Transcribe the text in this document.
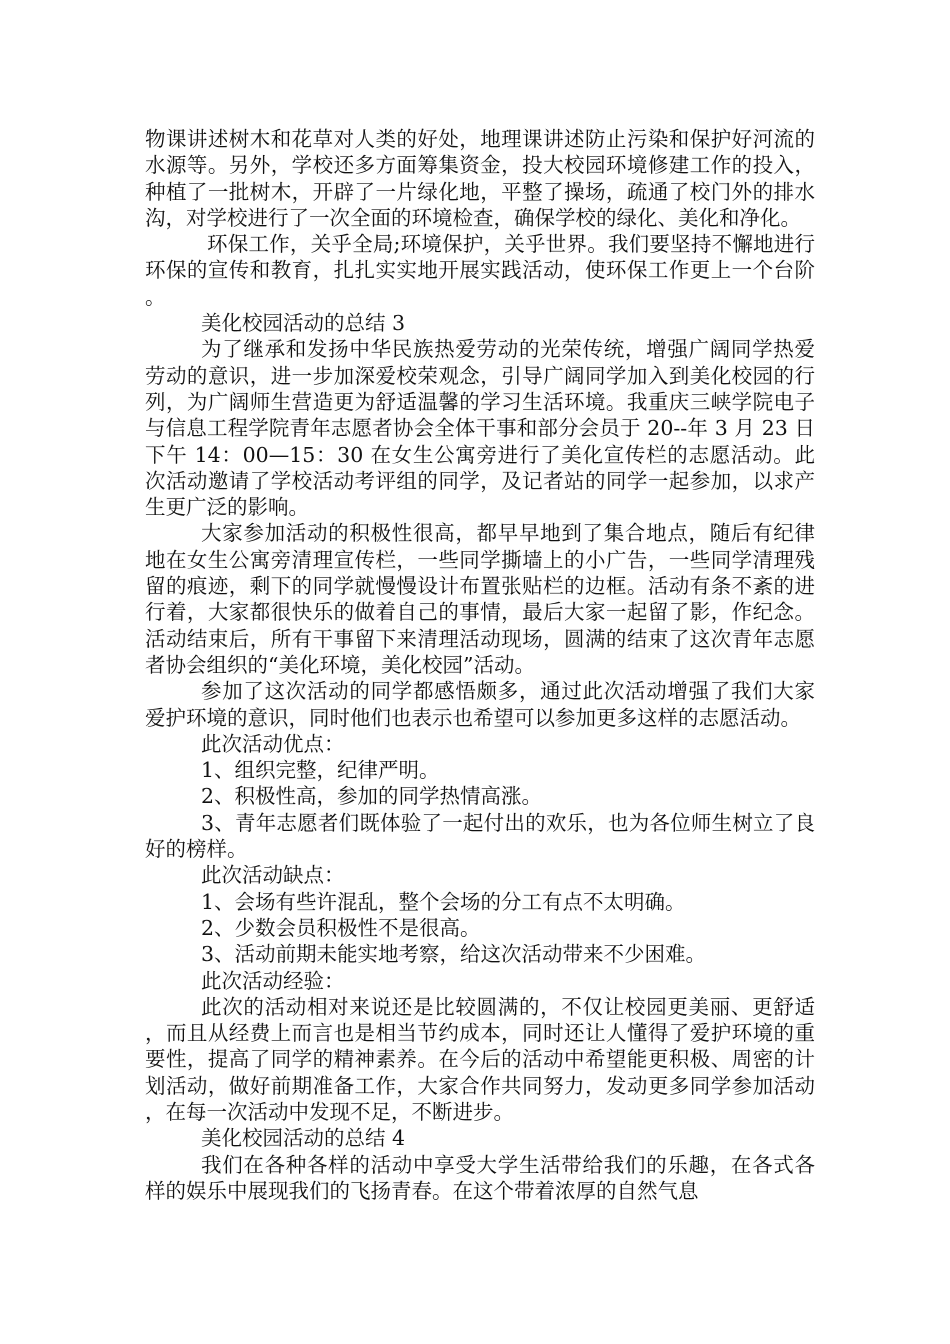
物课讲述树木和花草对人类的好处，地理课讲述防止污染和保护好河流的水源等。另外，学校还多方面筹集资金，投大校园环境修建工作的投入，种植了一批树木，开辟了一片绿化地，平整了操场，疏通了校门外的排水沟，对学校进行了一次全面的环境检查，确保学校的绿化、美化和净化。

环保工作，关乎全局;环境保护，关乎世界。我们要坚持不懈地进行环保的宣传和教育，扎扎实实地开展实践活动，使环保工作更上一个台阶。

美化校园活动的总结 3

为了继承和发扬中华民族热爱劳动的光荣传统，增强广阔同学热爱劳动的意识，进一步加深爱校荣观念，引导广阔同学加入到美化校园的行列，为广阔师生营造更为舒适温馨的学习生活环境。我重庆三峡学院电子与信息工程学院青年志愿者协会全体干事和部分会员于 20--年 3 月 23 日下午 14：00—15：30 在女生公寓旁进行了美化宣传栏的志愿活动。此次活动邀请了学校活动考评组的同学，及记者站的同学一起参加，以求产生更广泛的影响。

大家参加活动的积极性很高，都早早地到了集合地点，随后有纪律地在女生公寓旁清理宣传栏，一些同学撕墙上的小广告，一些同学清理残留的痕迹，剩下的同学就慢慢设计布置张贴栏的边框。活动有条不紊的进行着，大家都很快乐的做着自己的事情，最后大家一起留了影，作纪念。活动结束后，所有干事留下来清理活动现场，圆满的结束了这次青年志愿者协会组织的“美化环境，美化校园”活动。

参加了这次活动的同学都感悟颇多，通过此次活动增强了我们大家爱护环境的意识，同时他们也表示也希望可以参加更多这样的志愿活动。

此次活动优点：

1、组织完整，纪律严明。

2、积极性高，参加的同学热情高涨。

3、青年志愿者们既体验了一起付出的欢乐，也为各位师生树立了良好的榜样。

此次活动缺点：

1、会场有些许混乱，整个会场的分工有点不太明确。

2、少数会员积极性不是很高。

3、活动前期未能实地考察，给这次活动带来不少困难。

此次活动经验：

此次的活动相对来说还是比较圆满的，不仅让校园更美丽、更舒适，而且从经费上而言也是相当节约成本，同时还让人懂得了爱护环境的重要性，提高了同学的精神素养。在今后的活动中希望能更积极、周密的计划活动，做好前期准备工作，大家合作共同努力，发动更多同学参加活动，在每一次活动中发现不足，不断进步。

美化校园活动的总结 4

我们在各种各样的活动中享受大学生活带给我们的乐趣，在各式各样的娱乐中展现我们的飞扬青春。在这个带着浓厚的自然气息
